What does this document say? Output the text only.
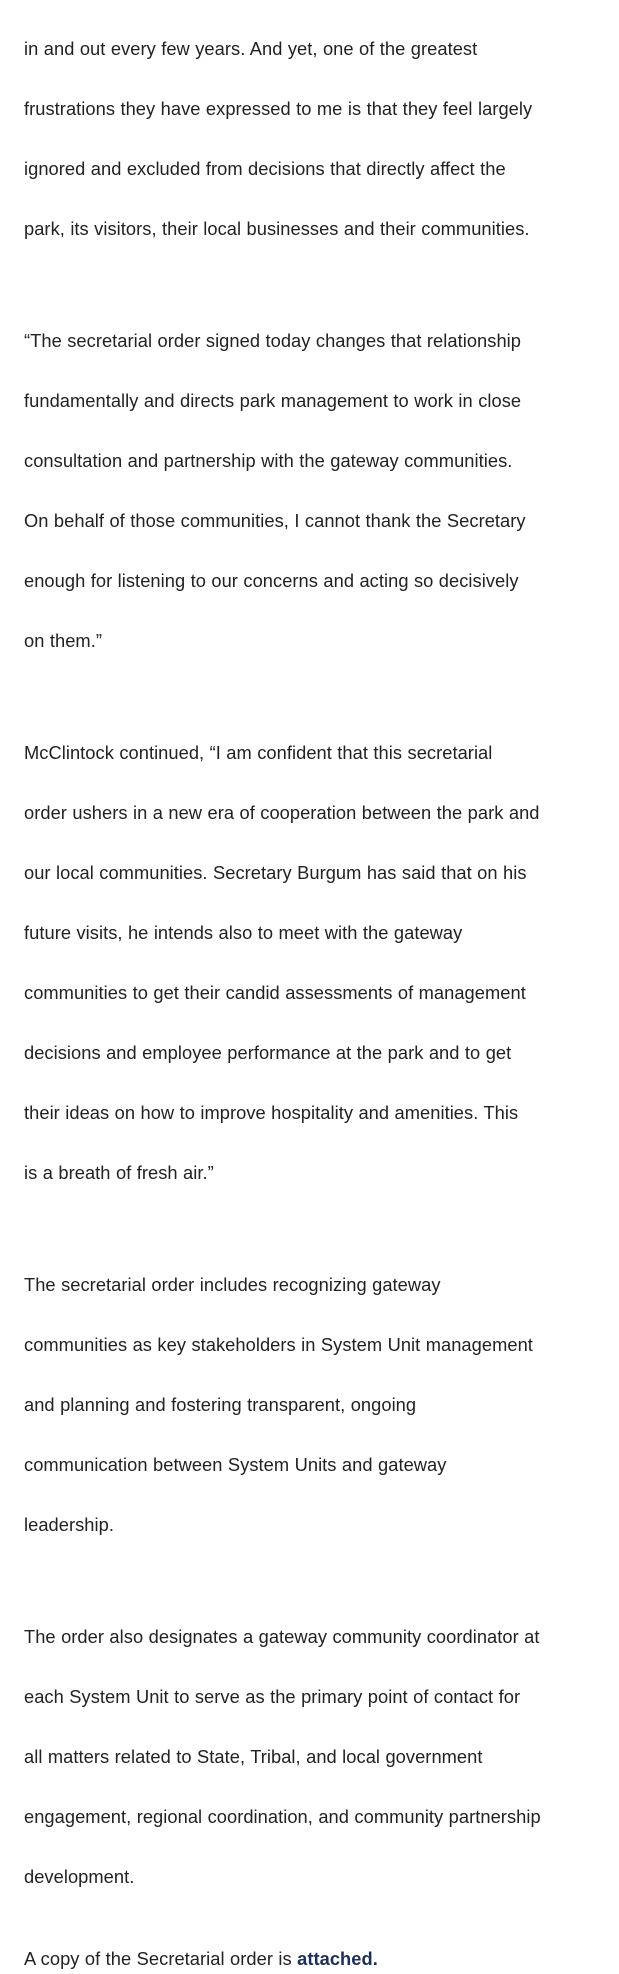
in and out every few years. And yet, one of the greatest

frustrations they have expressed to me is that they feel largely

ignored and excluded from decisions that directly affect the

park, its visitors, their local businesses and their communities.

“The secretarial order signed today changes that relationship

fundamentally and directs park management to work in close

consultation and partnership with the gateway communities.

On behalf of those communities, I cannot thank the Secretary

enough for listening to our concerns and acting so decisively

on them.”

McClintock continued, “I am confident that this secretarial

order ushers in a new era of cooperation between the park and

our local communities. Secretary Burgum has said that on his

future visits, he intends also to meet with the gateway

communities to get their candid assessments of management

decisions and employee performance at the park and to get

their ideas on how to improve hospitality and amenities. This

is a breath of fresh air.”

The secretarial order includes recognizing gateway

communities as key stakeholders in System Unit management

and planning and fostering transparent, ongoing

communication between System Units and gateway

leadership.

The order also designates a gateway community coordinator at

each System Unit to serve as the primary point of contact for

all matters related to State, Tribal, and local government

engagement, regional coordination, and community partnership

development.

A copy of the Secretarial order is attached.
